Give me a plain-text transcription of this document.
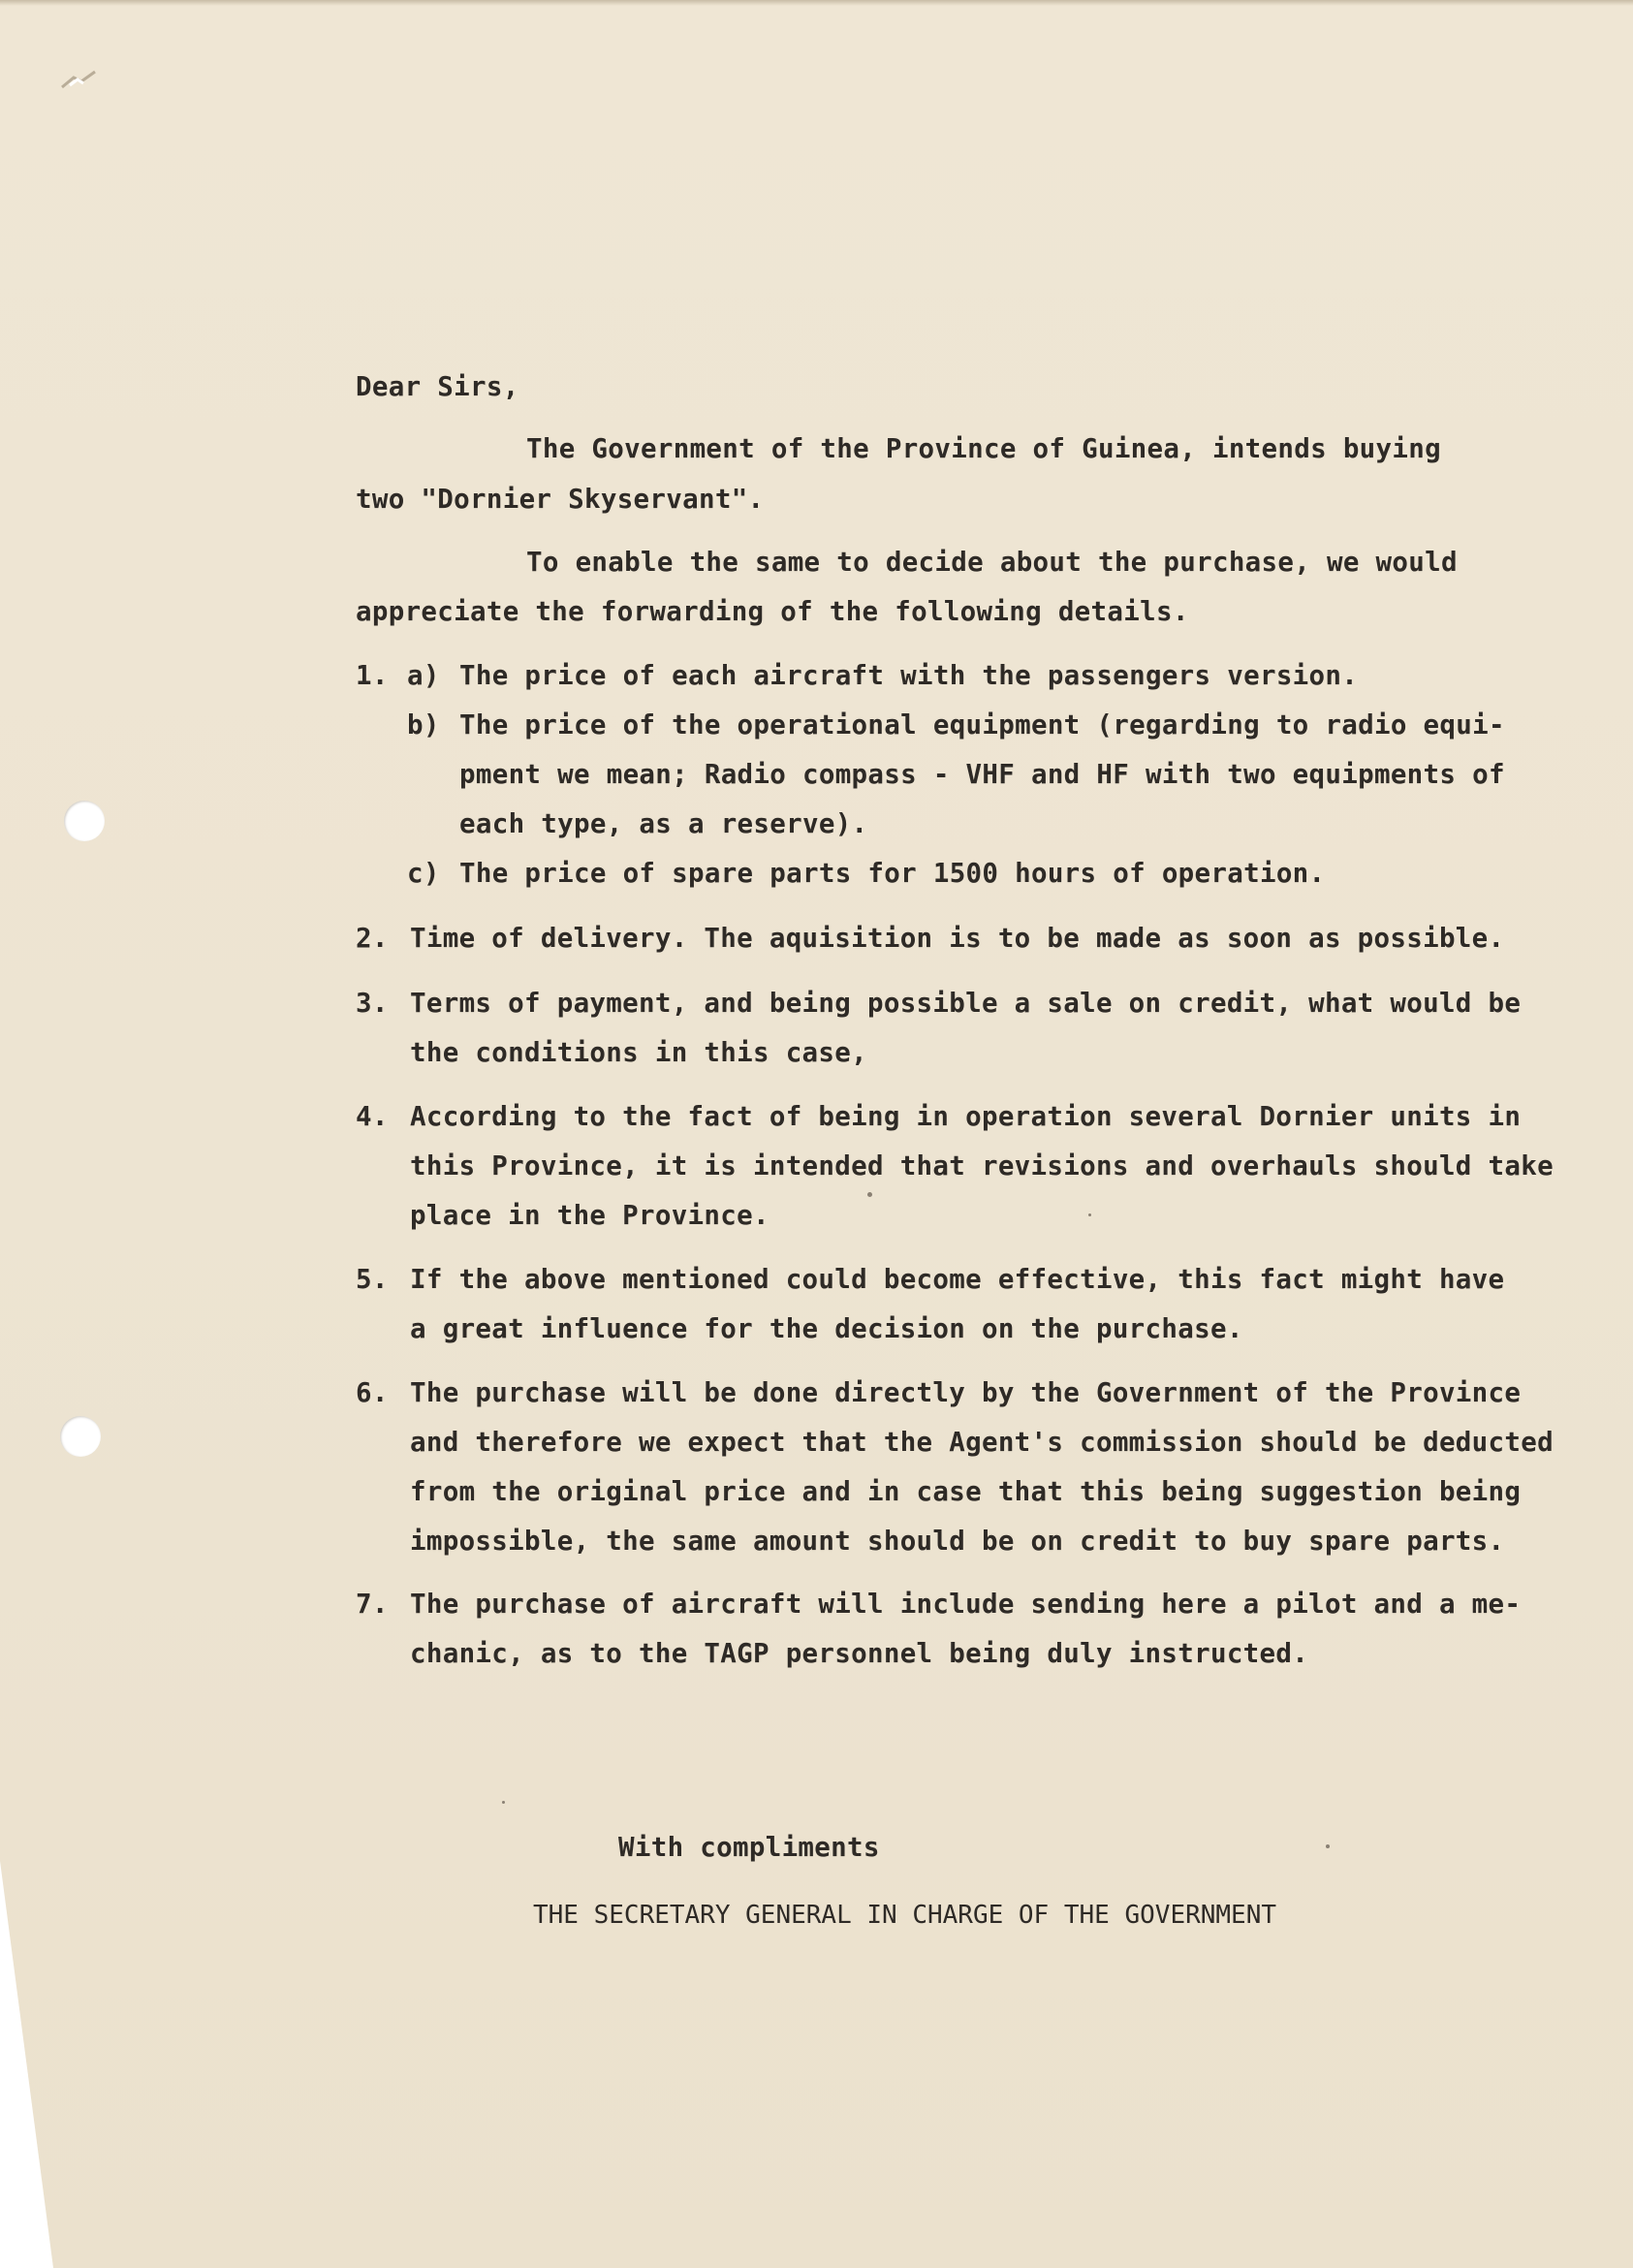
Dear Sirs,
The Government of the Province of Guinea, intends buying
two "Dornier Skyservant".
To enable the same to decide about the purchase, we would
appreciate the forwarding of the following details.
1. a) The price of each aircraft with the passengers version.
b) The price of the operational equipment (regarding to radio equi-
pment we mean; Radio compass - VHF and HF with two equipments of
each type, as a reserve).
c) The price of spare parts for 1500 hours of operation.
2. Time of delivery. The aquisition is to be made as soon as possible.
3. Terms of payment, and being possible a sale on credit, what would be
the conditions in this case,
4. According to the fact of being in operation several Dornier units in
this Province, it is intended that revisions and overhauls should take
place in the Province.
5. If the above mentioned could become effective, this fact might have
a great influence for the decision on the purchase.
6. The purchase will be done directly by the Government of the Province
and therefore we expect that the Agent's commission should be deducted
from the original price and in case that this being suggestion being
impossible, the same amount should be on credit to buy spare parts.
7. The purchase of aircraft will include sending here a pilot and a me-
chanic, as to the TAGP personnel being duly instructed.
With compliments
THE SECRETARY GENERAL IN CHARGE OF THE GOVERNMENT
